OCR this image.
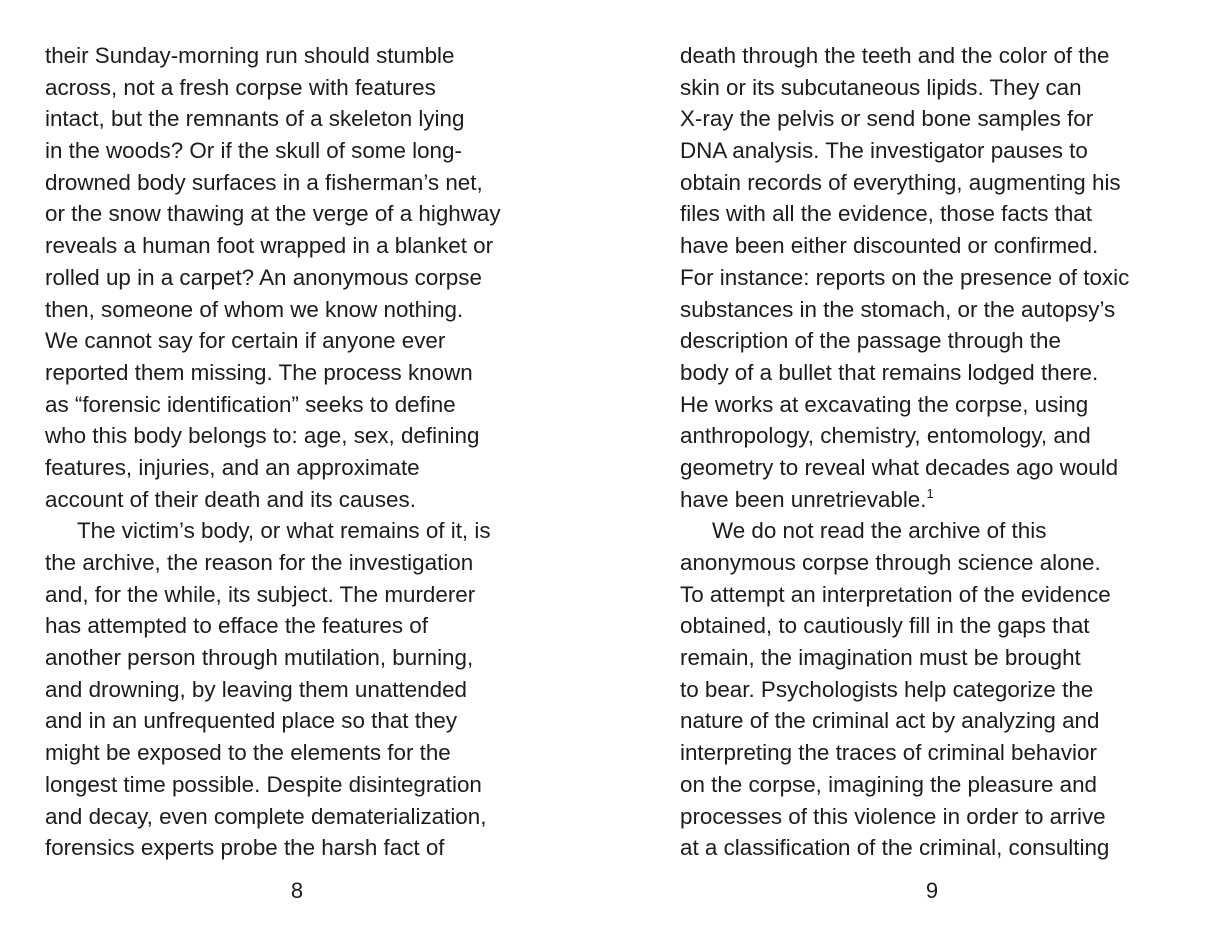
their Sunday-morning run should stumble
across, not a fresh corpse with features
intact, but the remnants of a skeleton lying
in the woods? Or if the skull of some long-
drowned body surfaces in a fisherman’s net,
or the snow thawing at the verge of a highway
reveals a human foot wrapped in a blanket or
rolled up in a carpet? An anonymous corpse
then, someone of whom we know nothing.
We cannot say for certain if anyone ever
reported them missing. The process known
as “forensic identification” seeks to define
who this body belongs to: age, sex, defining
features, injuries, and an approximate
account of their death and its causes.
The victim’s body, or what remains of it, is
the archive, the reason for the investigation
and, for the while, its subject. The murderer
has attempted to efface the features of
another person through mutilation, burning,
and drowning, by leaving them unattended
and in an unfrequented place so that they
might be exposed to the elements for the
longest time possible. Despite disintegration
and decay, even complete dematerialization,
forensics experts probe the harsh fact of
8
death through the teeth and the color of the
skin or its subcutaneous lipids. They can
X-ray the pelvis or send bone samples for
DNA analysis. The investigator pauses to
obtain records of everything, augmenting his
files with all the evidence, those facts that
have been either discounted or confirmed.
For instance: reports on the presence of toxic
substances in the stomach, or the autopsy’s
description of the passage through the
body of a bullet that remains lodged there.
He works at excavating the corpse, using
anthropology, chemistry, entomology, and
geometry to reveal what decades ago would
have been unretrievable.$^1$
We do not read the archive of this
anonymous corpse through science alone.
To attempt an interpretation of the evidence
obtained, to cautiously fill in the gaps that
remain, the imagination must be brought
to bear. Psychologists help categorize the
nature of the criminal act by analyzing and
interpreting the traces of criminal behavior
on the corpse, imagining the pleasure and
processes of this violence in order to arrive
at a classification of the criminal, consulting
9
